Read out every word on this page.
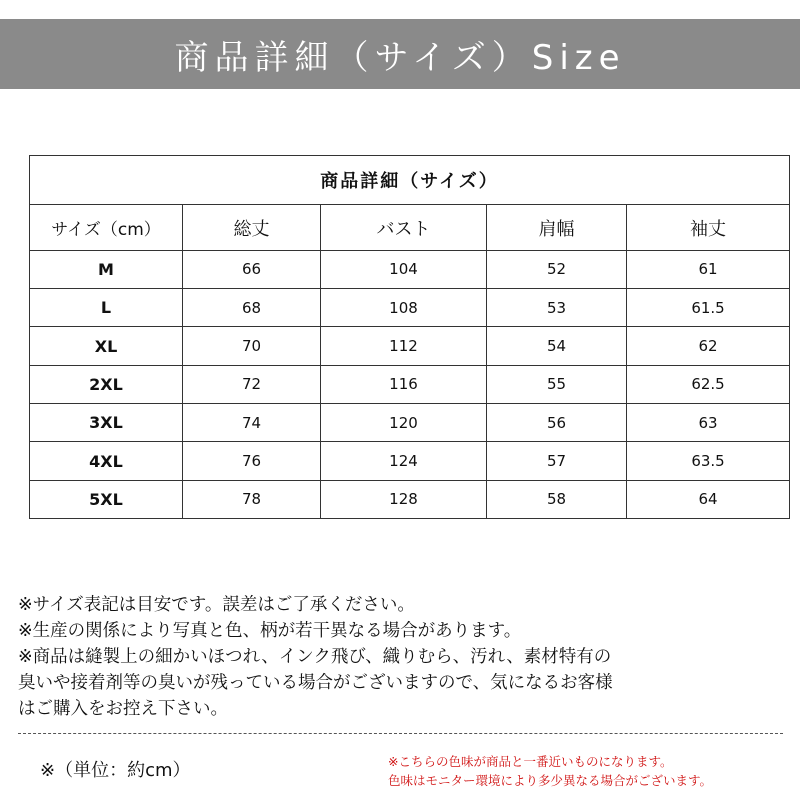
商品詳細（サイズ）Size
商品詳細（サイズ）				
サイズ（cm）	総丈	バスト	肩幅	袖丈
M	66	104	52	61
L	68	108	53	61.5
XL	70	112	54	62
2XL	72	116	55	62.5
3XL	74	120	56	63
4XL	76	124	57	63.5
5XL	78	128	58	64

※サイズ表記は目安です。誤差はご了承ください。

※生産の関係により写真と色、柄が若干異なる場合があります。

※商品は縫製上の細かいほつれ、インク飛び、織りむら、汚れ、素材特有の

臭いや接着剤等の臭いが残っている場合がございますので、気になるお客様

はご購入をお控え下さい。

※（単位：約cm）	※こちらの色味が商品と一番近いものになります。

色味はモニター環境により多少異なる場合がございます。
